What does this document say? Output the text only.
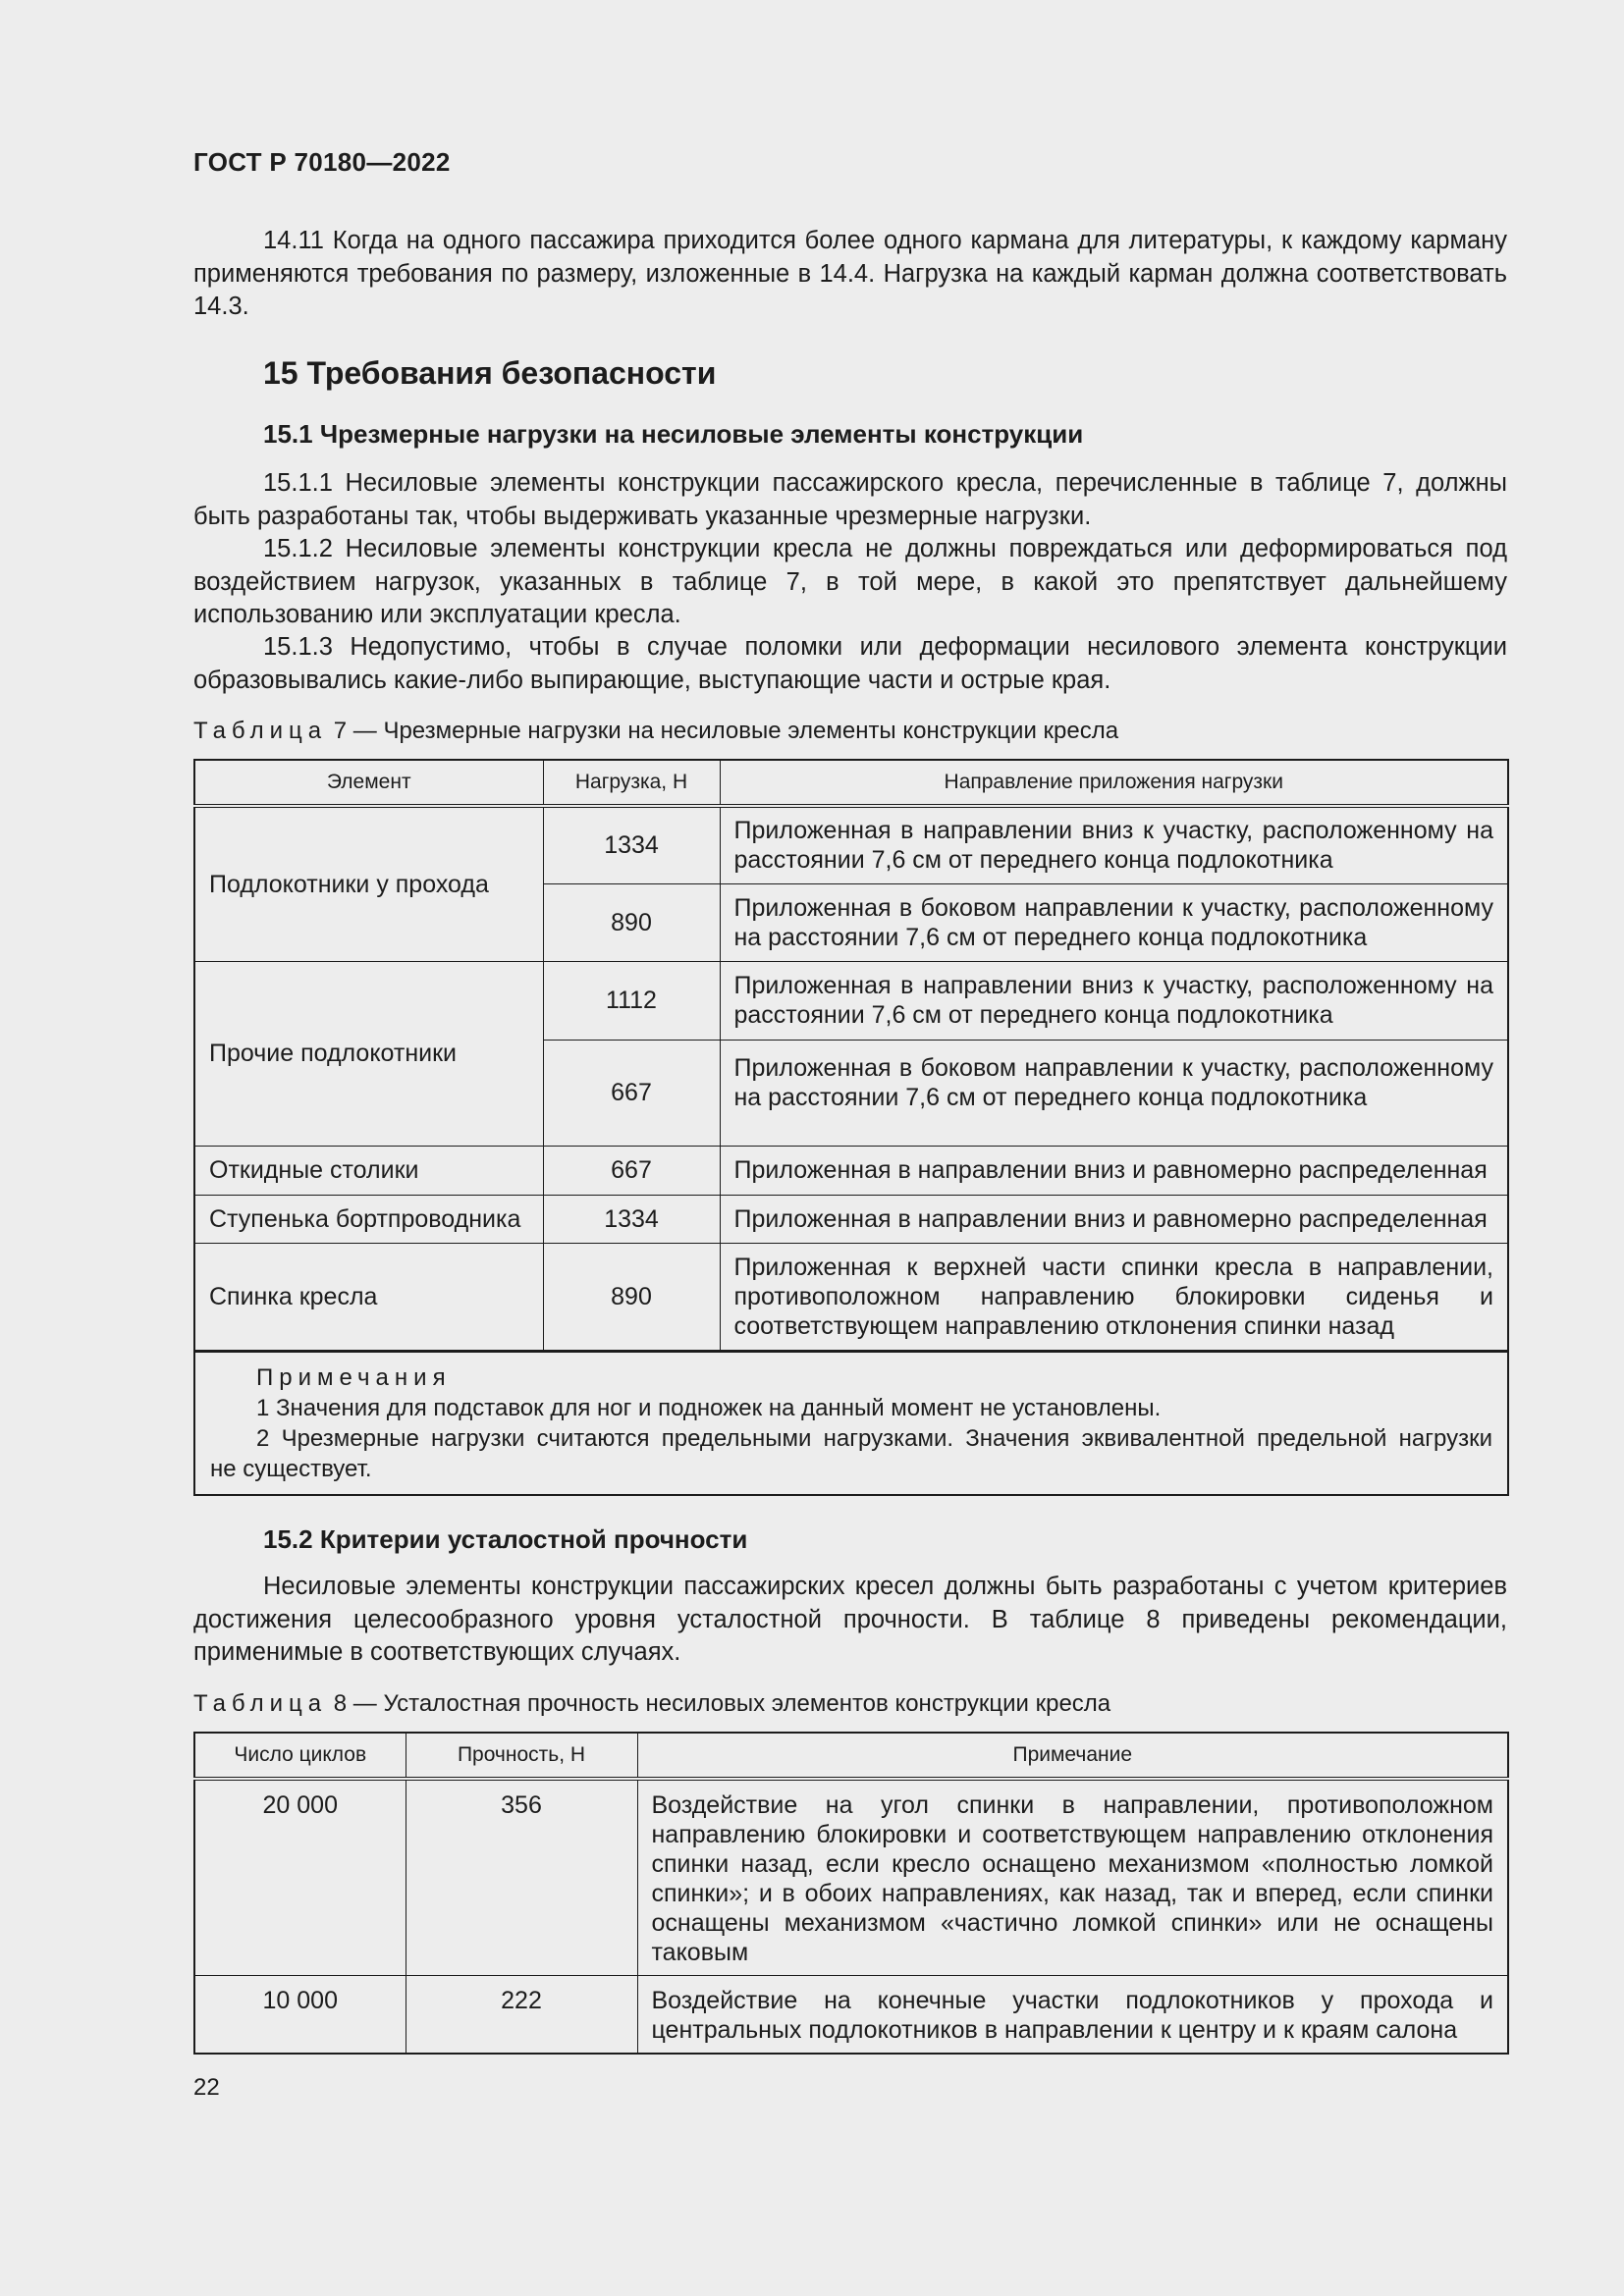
ГОСТ Р 70180—2022

14.11 Когда на одного пассажира приходится более одного кармана для литературы, к каждому карману применяются требования по размеру, изложенные в 14.4. Нагрузка на каждый карман должна соответствовать 14.3.

15 Требования безопасности
15.1 Чрезмерные нагрузки на несиловые элементы конструкции

15.1.1 Несиловые элементы конструкции пассажирского кресла, перечисленные в таблице 7, должны быть разработаны так, чтобы выдерживать указанные чрезмерные нагрузки.

15.1.2 Несиловые элементы конструкции кресла не должны повреждаться или деформироваться под воздействием нагрузок, указанных в таблице 7, в той мере, в какой это препятствует дальнейшему использованию или эксплуатации кресла.

15.1.3 Недопустимо, чтобы в случае поломки или деформации несилового элемента конструкции образовывались какие-либо выпирающие, выступающие части и острые края.

Таблица 7 — Чрезмерные нагрузки на несиловые элементы конструкции кресла

Элемент	Нагрузка, Н	Направление приложения нагрузки
Подлокотники у прохода	1334	Приложенная в направлении вниз к участку, расположенному на расстоянии 7,6 см от переднего конца подлокотника
	890	Приложенная в боковом направлении к участку, расположенному на расстоянии 7,6 см от переднего конца подлокотника
Прочие подлокотники	1112	Приложенная в направлении вниз к участку, расположенному на расстоянии 7,6 см от переднего конца подлокотника
	667	Приложенная в боковом направлении к участку, расположенному на расстоянии 7,6 см от переднего конца подлокотника
Откидные столики	667	Приложенная в направлении вниз и равномерно распределенная
Ступенька бортпроводника	1334	Приложенная в направлении вниз и равномерно распределенная
Спинка кресла	890	Приложенная к верхней части спинки кресла в направлении, противоположном направлению блокировки сиденья и соответствующем направлению отклонения спинки назад

Примечания
1 Значения для подставок для ног и подножек на данный момент не установлены.
2 Чрезмерные нагрузки считаются предельными нагрузками. Значения эквивалентной предельной нагрузки
не существует.		
15.2 Критерии усталостной прочности

Несиловые элементы конструкции пассажирских кресел должны быть разработаны с учетом критериев достижения целесообразного уровня усталостной прочности. В таблице 8 приведены рекомендации, применимые в соответствующих случаях.

Таблица 8 — Усталостная прочность несиловых элементов конструкции кресла

Число циклов	Прочность, Н	Примечание
20 000	356	Воздействие на угол спинки в направлении, противоположном направлению блокировки и соответствующем направлению отклонения спинки назад, если кресло оснащено механизмом «полностью ломкой спинки»; и в обоих направлениях, как назад, так и вперед, если спинки оснащены механизмом «частично ломкой спинки» или не оснащены таковым
10 000	222	Воздействие на конечные участки подлокотников у прохода и центральных подлокотников в направлении к центру и к краям салона
22
